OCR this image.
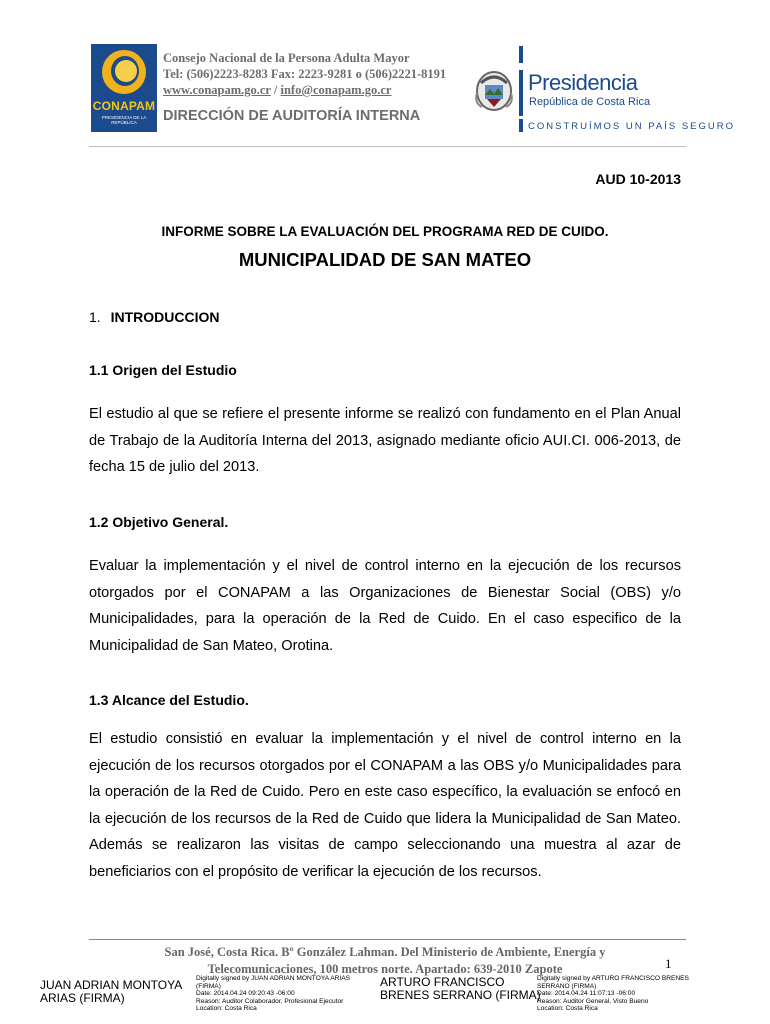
CONAPAM
PRESIDENCIA DE LA REPÚBLICA
Consejo Nacional de la Persona Adulta Mayor
Tel: (506)2223-8283 Fax: 2223-9281 o (506)2221-8191
www.conapam.go.cr / info@conapam.go.cr
DIRECCIÓN DE AUDITORÍA INTERNA
Presidencia
República de Costa Rica
CONSTRUÍMOS UN PAÍS SEGURO
AUD 10-2013
INFORME SOBRE LA EVALUACIÓN DEL PROGRAMA RED DE CUIDO.
MUNICIPALIDAD DE SAN MATEO
1. INTRODUCCION
1.1 Origen del Estudio
El estudio al que se refiere el presente informe se realizó con fundamento en el Plan Anual de Trabajo de la Auditoría Interna del 2013, asignado mediante oficio AUI.CI. 006-2013, de fecha 15 de julio del 2013.
1.2 Objetivo General.
Evaluar la implementación y el nivel de control interno en la ejecución de los recursos otorgados por el CONAPAM a las Organizaciones de Bienestar Social (OBS) y/o Municipalidades, para la operación de la Red de Cuido. En el caso especifico de la Municipalidad de San Mateo, Orotina.
1.3 Alcance del Estudio.
El estudio consistió en evaluar la implementación y el nivel de control interno en la ejecución de los recursos otorgados por el CONAPAM a las OBS y/o Municipalidades para la operación de la Red de Cuido. Pero en este caso específico, la evaluación se enfocó en la ejecución de los recursos de la Red de Cuido que lidera la Municipalidad de San Mateo. Además se realizaron las visitas de campo seleccionando una muestra al azar de beneficiarios con el propósito de verificar la ejecución de los recursos.
San José, Costa Rica. Bº González Lahman. Del Ministerio de Ambiente, Energía y Telecomunicaciones, 100 metros norte. Apartado: 639-2010 Zapote	1
JUAN ADRIAN MONTOYA
ARIAS (FIRMA)
Digitally signed by JUAN ADRIAN MONTOYA ARIAS
(FIRMA)
Date: 2014.04.24 09:20:43 -06:00
Reason: Auditor Colaborador, Profesional Ejecutor
Location: Costa Rica
ARTURO FRANCISCO
BRENES SERRANO (FIRMA)
Digitally signed by ARTURO FRANCISCO BRENES
SERRANO (FIRMA)
Date: 2014.04.24 11:07:13 -06:00
Reason: Auditor General, Visto Bueno
Location: Costa Rica
